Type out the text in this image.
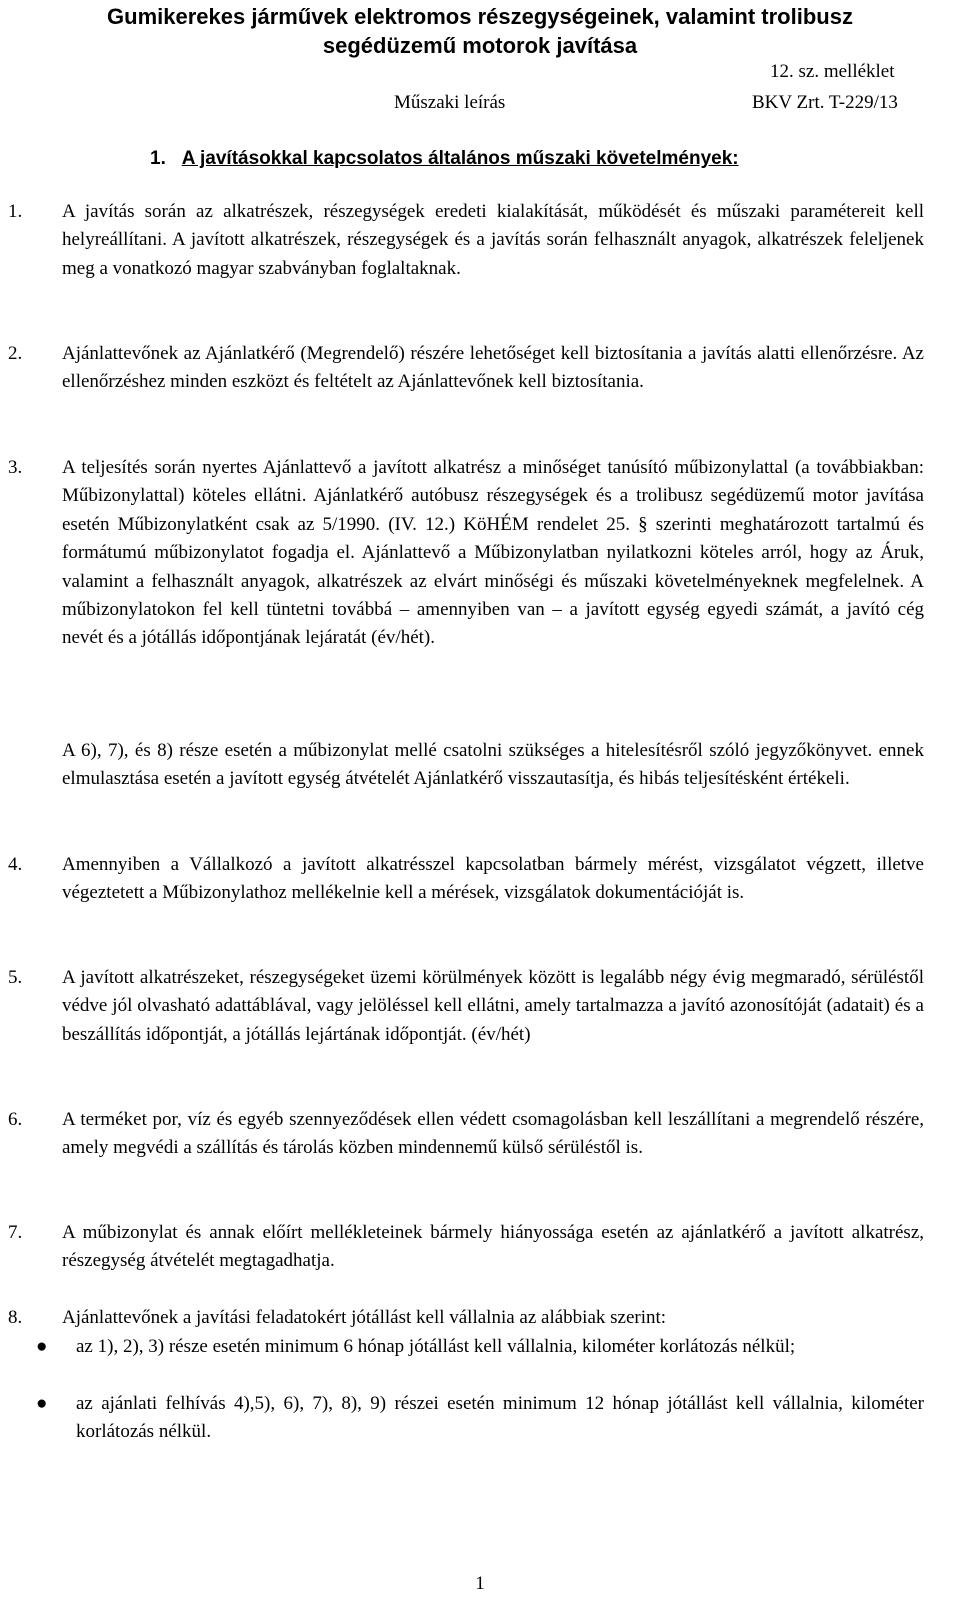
Gumikerekes járművek elektromos részegységeinek, valamint trolibusz segédüzemű motorok javítása
12. sz. melléklet
Műszaki leírás	BKV Zrt. T-229/13
1. A javításokkal kapcsolatos általános műszaki követelmények:
1. A javítás során az alkatrészek, részegységek eredeti kialakítását, működését és műszaki paramétereit kell helyreállítani. A javított alkatrészek, részegységek és a javítás során felhasznált anyagok, alkatrészek feleljenek meg a vonatkozó magyar szabványban foglaltaknak.

2. Ajánlattevőnek az Ajánlatkérő (Megrendelő) részére lehetőséget kell biztosítania a javítás alatti ellenőrzésre. Az ellenőrzéshez minden eszközt és feltételt az Ajánlattevőnek kell biztosítania.

3. A teljesítés során nyertes Ajánlattevő a javított alkatrész a minőséget tanúsító műbizonylattal (a továbbiakban: Műbizonylattal) köteles ellátni. Ajánlatkérő autóbusz részegységek és a trolibusz segédüzemű motor javítása esetén Műbizonylatként csak az 5/1990. (IV. 12.) KöHÉM rendelet 25. § szerinti meghatározott tartalmú és formátumú műbizonylatot fogadja el. Ajánlattevő a Műbizonylatban nyilatkozni köteles arról, hogy az Áruk, valamint a felhasznált anyagok, alkatrészek az elvárt minőségi és műszaki követelményeknek megfelelnek. A műbizonylatokon fel kell tüntetni továbbá – amennyiben van – a javított egység egyedi számát, a javító cég nevét és a jótállás időpontjának lejáratát (év/hét).

A 6), 7), és 8) része esetén a műbizonylat mellé csatolni szükséges a hitelesítésről szóló jegyzőkönyvet. ennek elmulasztása esetén a javított egység átvételét Ajánlatkérő visszautasítja, és hibás teljesítésként értékeli.

4. Amennyiben a Vállalkozó a javított alkatrésszel kapcsolatban bármely mérést, vizsgálatot végzett, illetve végeztetett a Műbizonylathoz mellékelnie kell a mérések, vizsgálatok dokumentációját is.

5. A javított alkatrészeket, részegységeket üzemi körülmények között is legalább négy évig megmaradó, sérüléstől védve jól olvasható adattáblával, vagy jelöléssel kell ellátni, amely tartalmazza a javító azonosítóját (adatait) és a beszállítás időpontját, a jótállás lejártának időpontját. (év/hét)

6. A terméket por, víz és egyéb szennyeződések ellen védett csomagolásban kell leszállítani a megrendelő részére, amely megvédi a szállítás és tárolás közben mindennemű külső sérüléstől is.

7. A műbizonylat és annak előírt mellékleteinek bármely hiányossága esetén az ajánlatkérő a javított alkatrész, részegység átvételét megtagadhatja.

8. Ajánlattevőnek a javítási feladatokért jótállást kell vállalnia az alábbiak szerint:

● az 1), 2), 3) része esetén minimum 6 hónap jótállást kell vállalnia, kilométer korlátozás nélkül;

● az ajánlati felhívás 4),5), 6), 7), 8), 9) részei esetén minimum 12 hónap jótállást kell vállalnia, kilométer korlátozás nélkül.

1
